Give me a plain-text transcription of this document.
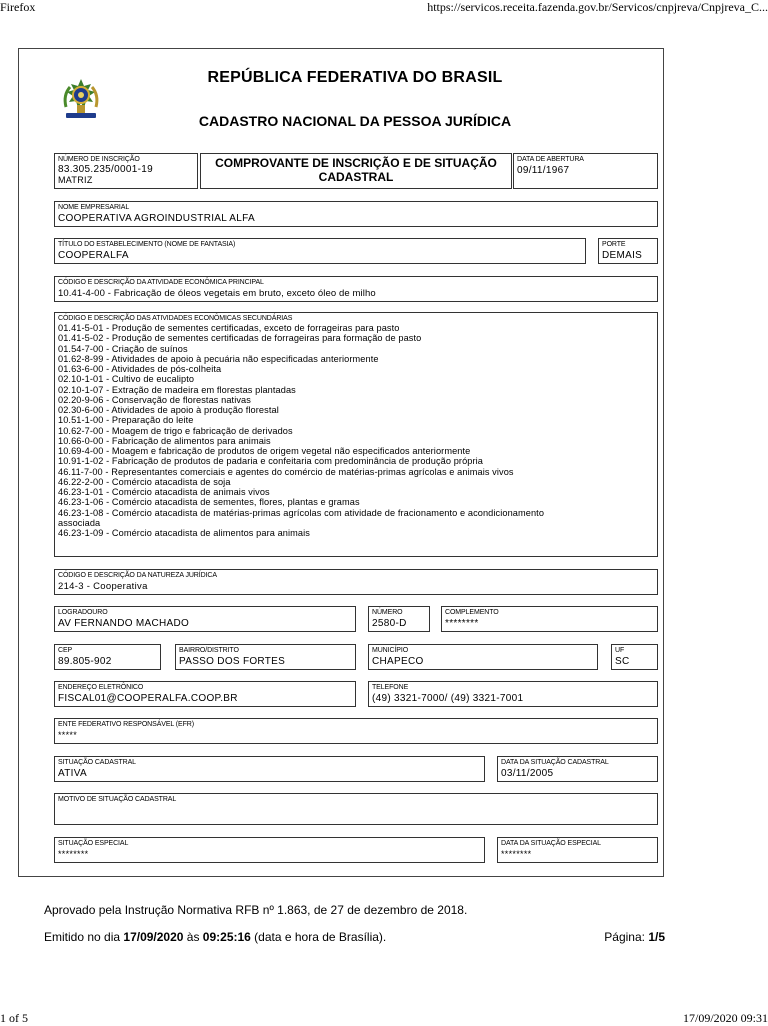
Firefox	https://servicos.receita.fazenda.gov.br/Servicos/cnpjreva/Cnpjreva_C...
REPÚBLICA FEDERATIVA DO BRASIL
CADASTRO NACIONAL DA PESSOA JURÍDICA
NÚMERO DE INSCRIÇÃO
83.305.235/0001-19
MATRIZ
COMPROVANTE DE INSCRIÇÃO E DE SITUAÇÃO CADASTRAL
DATA DE ABERTURA
09/11/1967
NOME EMPRESARIAL
COOPERATIVA AGROINDUSTRIAL ALFA
TÍTULO DO ESTABELECIMENTO (NOME DE FANTASIA)
COOPERALFA
PORTE
DEMAIS
CÓDIGO E DESCRIÇÃO DA ATIVIDADE ECONÔMICA PRINCIPAL
10.41-4-00 - Fabricação de óleos vegetais em bruto, exceto óleo de milho
CÓDIGO E DESCRIÇÃO DAS ATIVIDADES ECONÔMICAS SECUNDÁRIAS
01.41-5-01 - Produção de sementes certificadas, exceto de forrageiras para pasto
01.41-5-02 - Produção de sementes certificadas de forrageiras para formação de pasto
01.54-7-00 - Criação de suínos
01.62-8-99 - Atividades de apoio à pecuária não especificadas anteriormente
01.63-6-00 - Atividades de pós-colheita
02.10-1-01 - Cultivo de eucalipto
02.10-1-07 - Extração de madeira em florestas plantadas
02.20-9-06 - Conservação de florestas nativas
02.30-6-00 - Atividades de apoio à produção florestal
10.51-1-00 - Preparação do leite
10.62-7-00 - Moagem de trigo e fabricação de derivados
10.66-0-00 - Fabricação de alimentos para animais
10.69-4-00 - Moagem e fabricação de produtos de origem vegetal não especificados anteriormente
10.91-1-02 - Fabricação de produtos de padaria e confeitaria com predominância de produção própria
46.11-7-00 - Representantes comerciais e agentes do comércio de matérias-primas agrícolas e animais vivos
46.22-2-00 - Comércio atacadista de soja
46.23-1-01 - Comércio atacadista de animais vivos
46.23-1-06 - Comércio atacadista de sementes, flores, plantas e gramas
46.23-1-08 - Comércio atacadista de matérias-primas agrícolas com atividade de fracionamento e acondicionamento
associada
46.23-1-09 - Comércio atacadista de alimentos para animais
CÓDIGO E DESCRIÇÃO DA NATUREZA JURÍDICA
214-3 - Cooperativa
LOGRADOURO
AV FERNANDO MACHADO
NÚMERO
2580-D
COMPLEMENTO
********
CEP
89.805-902
BAIRRO/DISTRITO
PASSO DOS FORTES
MUNICÍPIO
CHAPECO
UF
SC
ENDEREÇO ELETRÔNICO
FISCAL01@COOPERALFA.COOP.BR
TELEFONE
(49) 3321-7000/ (49) 3321-7001
ENTE FEDERATIVO RESPONSÁVEL (EFR)
*****
SITUAÇÃO CADASTRAL
ATIVA
DATA DA SITUAÇÃO CADASTRAL
03/11/2005
MOTIVO DE SITUAÇÃO CADASTRAL
SITUAÇÃO ESPECIAL
********
DATA DA SITUAÇÃO ESPECIAL
********
Aprovado pela Instrução Normativa RFB nº 1.863, de 27 de dezembro de 2018.
Emitido no dia 17/09/2020 às 09:25:16 (data e hora de Brasília).	Página: 1/5
1 of 5	17/09/2020 09:31
